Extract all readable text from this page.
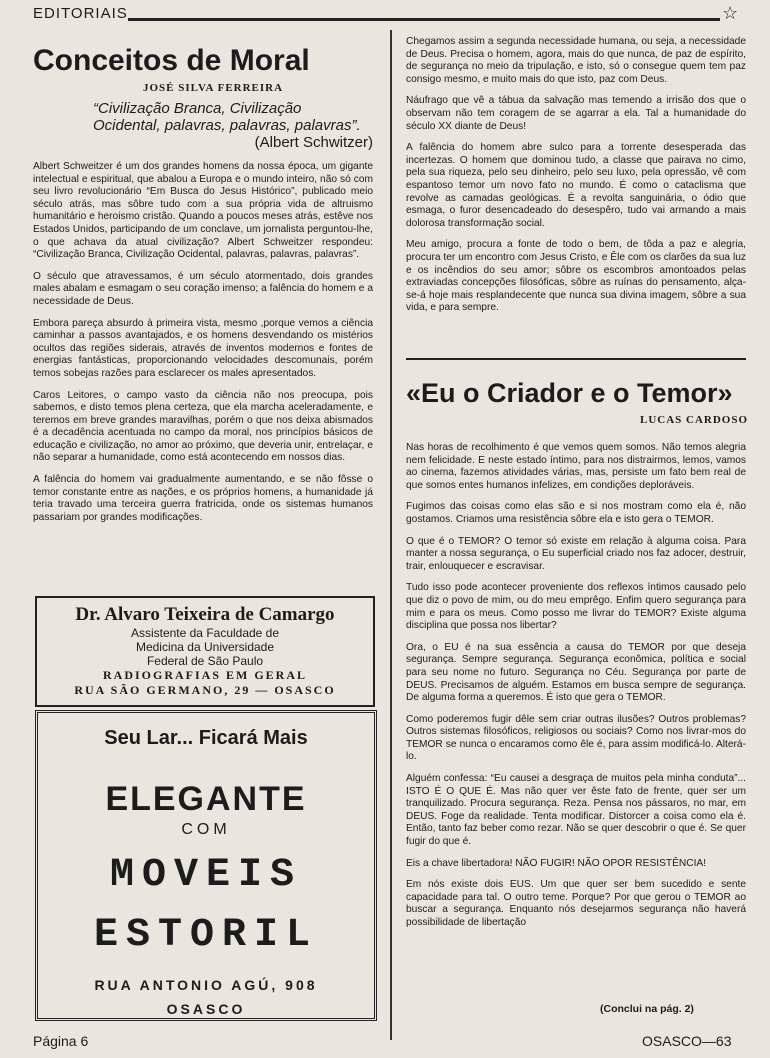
EDITORIAIS	☆
Conceitos de Moral
JOSÉ SILVA FERREIRA
“Civilização Branca, Civilização Ocidental, palavras, palavras, palavras”.
(Albert Schwitzer)

Albert Schweitzer é um dos grandes homens da nossa época, um gigante intelectual e espiritual, que abalou a Europa e o mundo inteiro, não só com seu livro revolucionário “Em Busca do Jesus Histórico”, publicado meio século atrás, mas sôbre tudo com a sua própria vida de altruismo humanitário e heroismo cristão. Quando a poucos meses atrás, estêve nos Estados Unidos, participando de um conclave, um jornalista perguntou-lhe, o que achava da atual civilização? Albert Schweitzer respondeu: “Civilização Branca, Civilização Ocidental, palavras, palavras, palavras”.

O século que atravessamos, é um século atormentado, dois grandes males abalam e esmagam o seu coração imenso; a falência do homem e a necessidade de Deus.

Embora pareça absurdo à primeira vista, mesmo ,porque vemos a ciência caminhar a passos avantajados, e os homens desvendando os mistérios ocultos das regiões siderais, através de inventos modernos e fontes de energias fantásticas, proporcionando velocidades descomunais, porém temos sobejas razões para esclarecer os males apresentados.

Caros Leitores, o campo vasto da ciência não nos preocupa, pois sabemos, e disto temos plena certeza, que ela marcha aceleradamente, e teremos em breve grandes maravilhas, porém o que nos deixa abismados é a decadência acentuada no campo da moral, nos princípios básicos de educação e civilização, no amor ao próximo, que deveria unir, entrelaçar, e não separar a humanidade, como está acontecendo em nossos dias.

A falência do homem vai gradualmente aumentando, e se não fôsse o temor constante entre as nações, e os próprios homens, a humanidade já teria travado uma terceira guerra fratricida, onde os sistemas humanos passariam por grandes modificações.

Dr. Alvaro Teixeira de Camargo
Assistente da Faculdade de
Medicina da Universidade
Federal de São Paulo
RADIOGRAFIAS EM GERAL
RUA SÃO GERMANO, 29 — OSASCO
Seu Lar... Ficará Mais
ELEGANTE
COM
MOVEIS
ESTORIL
RUA ANTONIO AGÚ, 908
OSASCO

Chegamos assim a segunda necessidade humana, ou seja, a necessidade de Deus. Precisa o homem, agora, mais do que nunca, de paz de espírito, de segurança no meio da tripulação, e isto, só o consegue quem tem paz consigo mesmo, e muito mais do que isto, paz com Deus.

Náufrago que vê a tábua da salvação mas temendo a irrisão dos que o observam não tem coragem de se agarrar a ela. Tal a humanidade do século XX diante de Deus!

A falência do homem abre sulco para a torrente desesperada das incertezas. O homem que dominou tudo, a classe que pairava no cimo, pela sua riqueza, pelo seu dinheiro, pelo seu luxo, pela opressão, vê com espantoso temor um novo fato no mundo. É como o cataclisma que revolve as camadas geológicas. É a revolta sanguinária, o ódio que esmaga, o furor desencadeado do desespêro, tudo vai armando a mais dolorosa transformação social.

Meu amigo, procura a fonte de todo o bem, de tôda a paz e alegria, procura ter um encontro com Jesus Cristo, e Êle com os clarões da sua luz e os incêndios do seu amor; sôbre os escombros amontoados pelas extraviadas concepções filosóficas, sôbre as ruínas do pensamento, alça-se-á hoje mais resplandecente que nunca sua divina imagem, sôbre a sua vida, e para sempre.

«Eu o Criador e o Temor»
LUCAS CARDOSO

Nas horas de recolhimento é que vemos quem somos. Não temos alegria nem felicidade. E neste estado íntimo, para nos distrairmos, lemos, vamos ao cinema, fazemos atividades várias, mas, persiste um fato bem real de que somos entes humanos infelizes, em condições deploráveis.

Fugimos das coisas como elas são e si nos mostram como ela é, não gostamos. Criamos uma resistência sôbre ela e isto gera o TEMOR.

O que é o TEMOR? O temor só existe em relação à alguma coisa. Para manter a nossa segurança, o Eu superficial criado nos faz adocer, destruir, trair, enlouquecer e escravisar.

Tudo isso pode acontecer proveniente dos reflexos íntimos causado pelo que diz o povo de mim, ou do meu emprêgo. Enfim quero segurança para mim e para os meus. Como posso me livrar do TEMOR? Existe alguma disciplina que possa nos libertar?

Ora, o EU é na sua essência a causa do TEMOR por que deseja segurança. Sempre segurança. Segurança econômica, política e social para seu nome no futuro. Segurança no Céu. Segurança por parte de DEUS. Precisamos de alguém. Estamos em busca sempre de segurança. De alguma forma a queremos. É isto que gera o TEMOR.

Como poderemos fugir dêle sem criar outras ilusões? Outros problemas? Outros sistemas filosóficos, religiosos ou sociais? Como nos livrar-mos do TEMOR se nunca o encaramos como êle é, para assim modificá-lo. Alterá-lo.

Alguém confessa: “Eu causei a desgraça de muitos pela minha conduta”... ISTO É O QUE É. Mas não quer ver êste fato de frente, quer ser um tranquilizado. Procura segurança. Reza. Pensa nos pássaros, no mar, em DEUS. Foge da realidade. Tenta modificar. Distorcer a coisa como ela é. Então, tanto faz beber como rezar. Não se quer descobrir o que é. Se quer fugir do que é.

Eis a chave libertadora! NÃO FUGIR! NÃO OPOR RESISTÊNCIA!

Em nós existe dois EUS. Um que quer ser bem sucedido e sente capacidade para tal. O outro teme. Porque? Por que gerou o TEMOR ao buscar a segurança. Enquanto nós desejarmos segurança não haverá possibilidade de libertação

(Conclui na pág. 2)
Página 6	OSASCO—63
